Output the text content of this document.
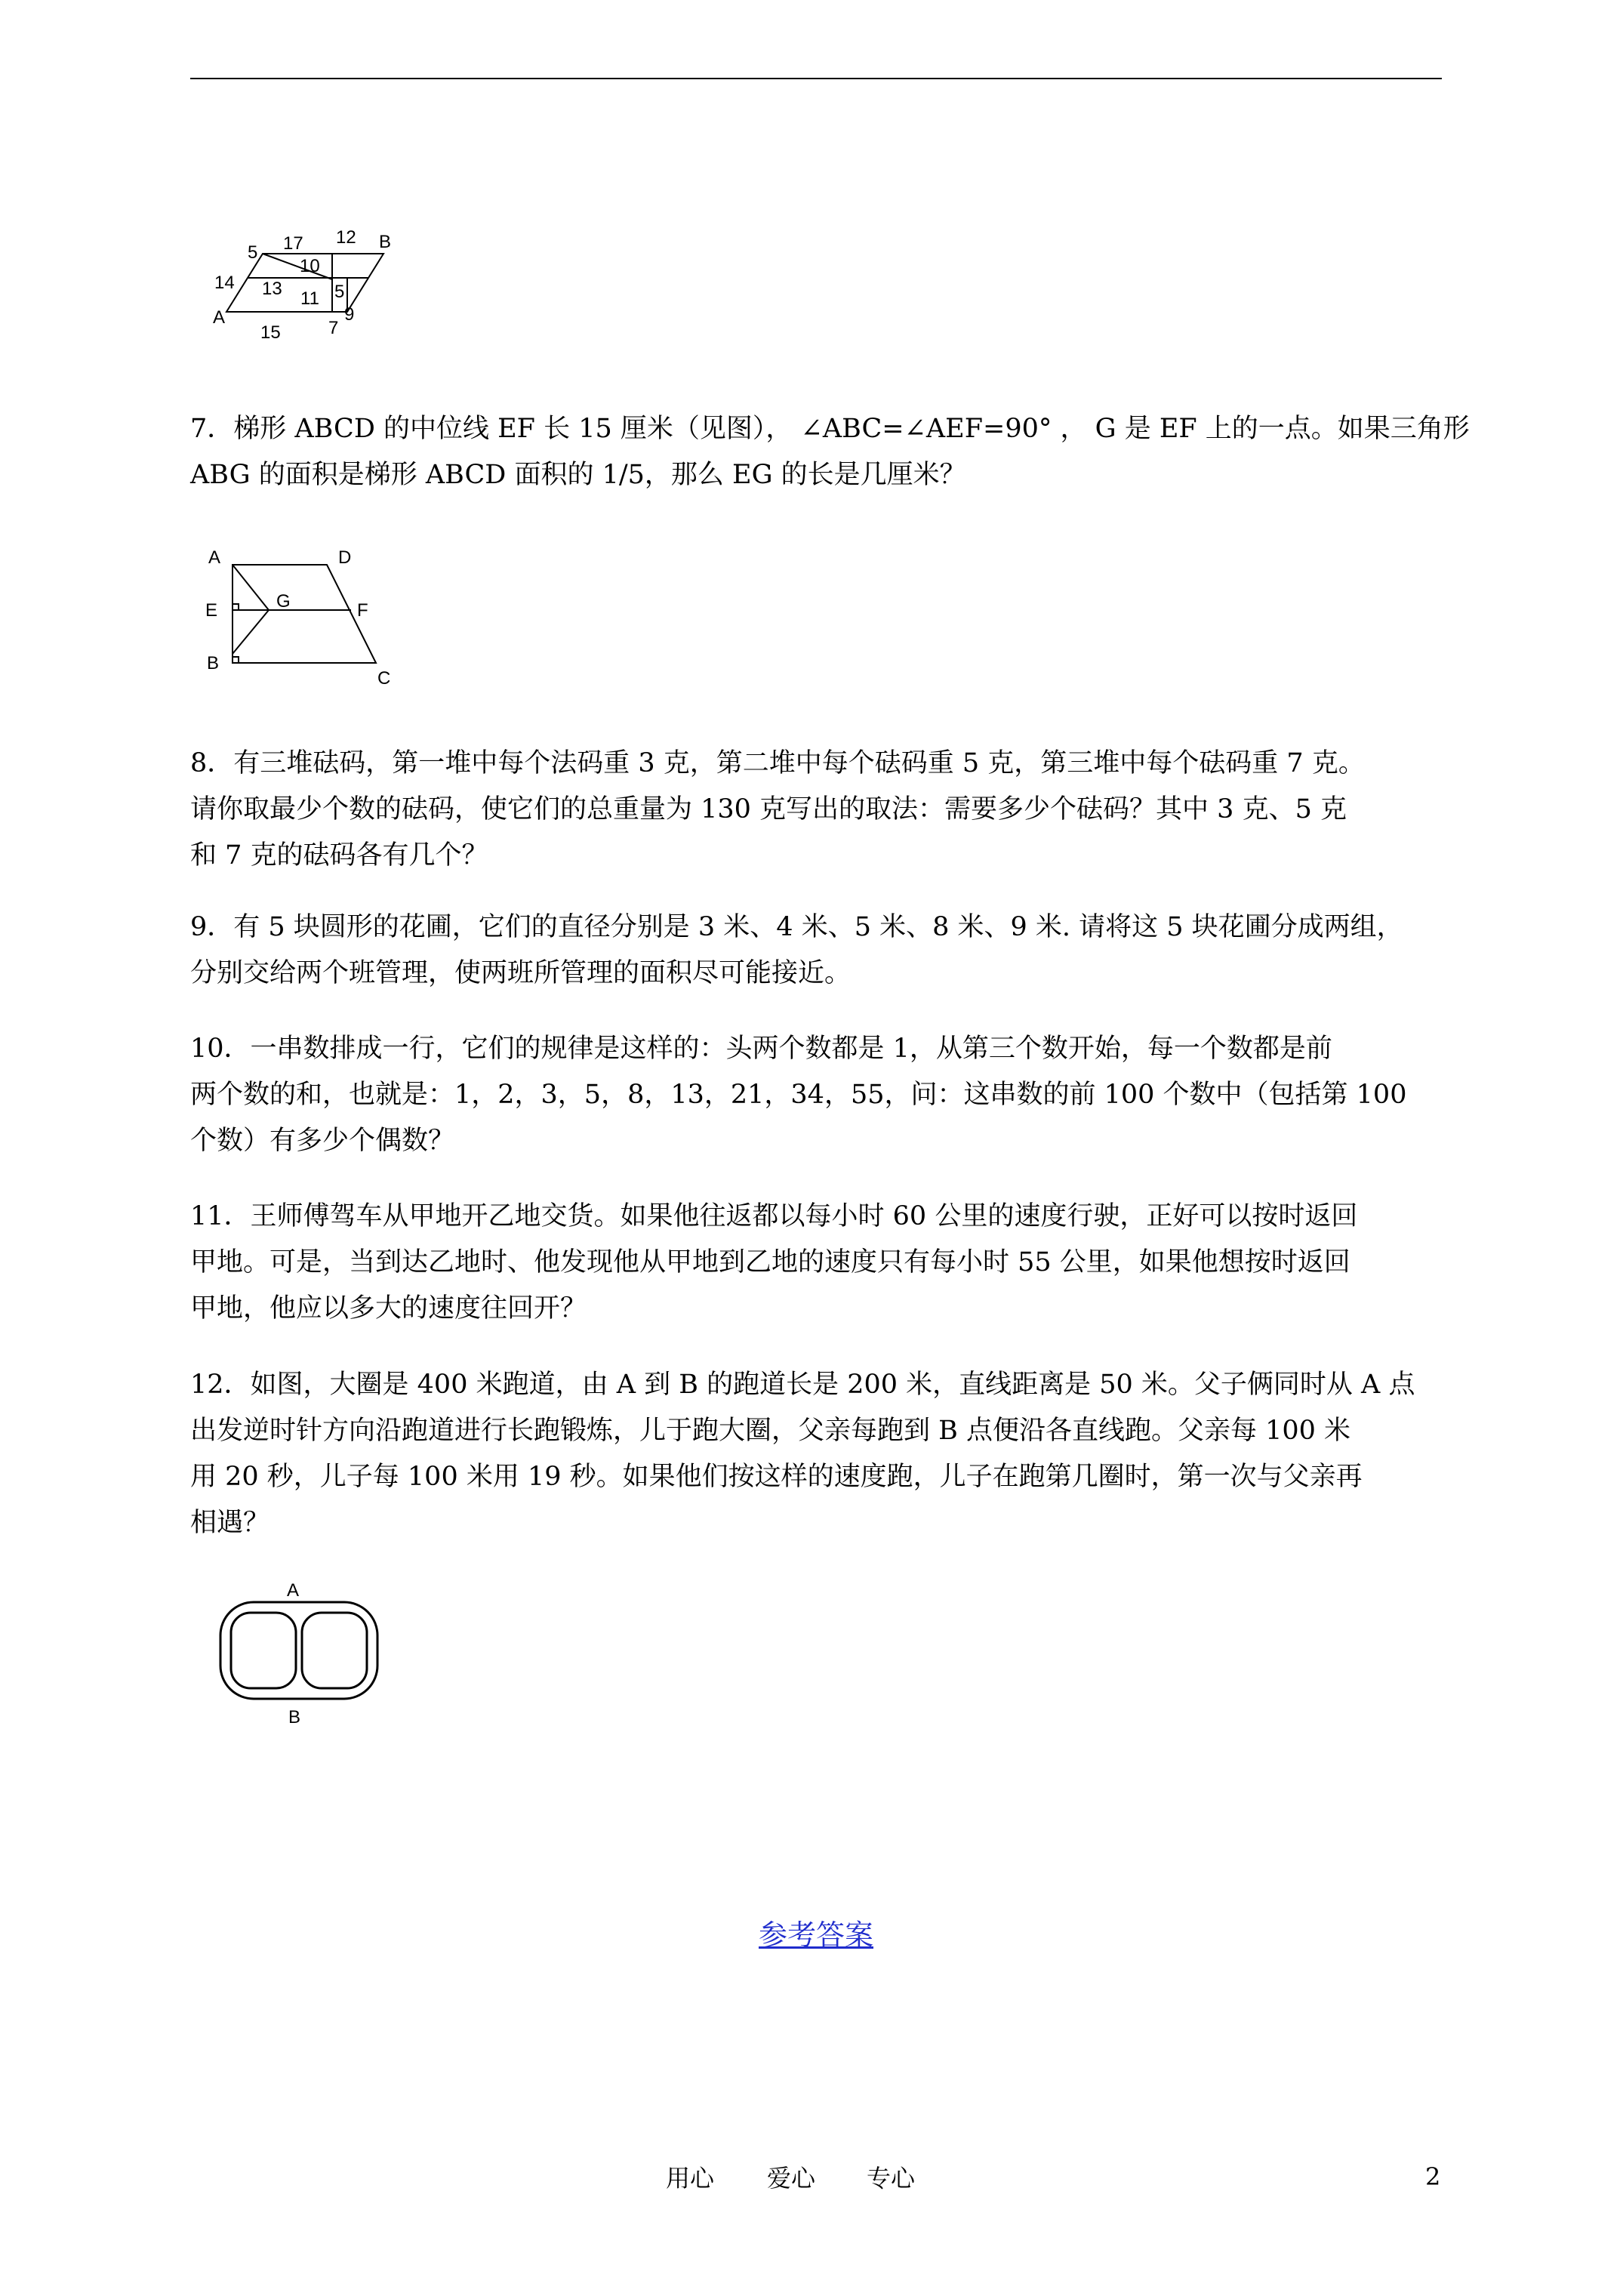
17 12 B
5
10
14 13 11 5
A
15	7
9
7．梯形 ABCD 的中位线 EF 长 15 厘米（见图）， ∠ABC=∠AEF=90° ， G 是 EF 上的一点。如果三角形
ABG 的面积是梯形 ABCD 面积的 1/5，那么 EG 的长是几厘米？
A	D
E	G	F
B
C
8．有三堆砝码，第一堆中每个法码重 3 克，第二堆中每个砝码重 5 克，第三堆中每个砝码重 7 克。
请你取最少个数的砝码，使它们的总重量为 130 克写出的取法：需要多少个砝码？其中 3 克、5 克
和 7 克的砝码各有几个？
9．有 5 块圆形的花圃，它们的直径分别是 3 米、4 米、5 米、8 米、9 米. 请将这 5 块花圃分成两组，
分别交给两个班管理，使两班所管理的面积尽可能接近。
10．一串数排成一行，它们的规律是这样的：头两个数都是 1，从第三个数开始，每一个数都是前
两个数的和，也就是：1，2，3，5，8，13，21，34，55，问：这串数的前 100 个数中（包括第 100
个数）有多少个偶数？
11．王师傅驾车从甲地开乙地交货。如果他往返都以每小时 60 公里的速度行驶，正好可以按时返回
甲地。可是，当到达乙地时、他发现他从甲地到乙地的速度只有每小时 55 公里，如果他想按时返回
甲地，他应以多大的速度往回开？
12．如图，大圈是 400 米跑道，由 A 到 B 的跑道长是 200 米，直线距离是 50 米。父子俩同时从 A 点
出发逆时针方向沿跑道进行长跑锻炼，儿于跑大圈，父亲每跑到 B 点便沿各直线跑。父亲每 100 米
用 20 秒，儿子每 100 米用 19 秒。如果他们按这样的速度跑，儿子在跑第几圈时，第一次与父亲再
相遇？
A
B
参考答案
用心 爱心 专心	2
